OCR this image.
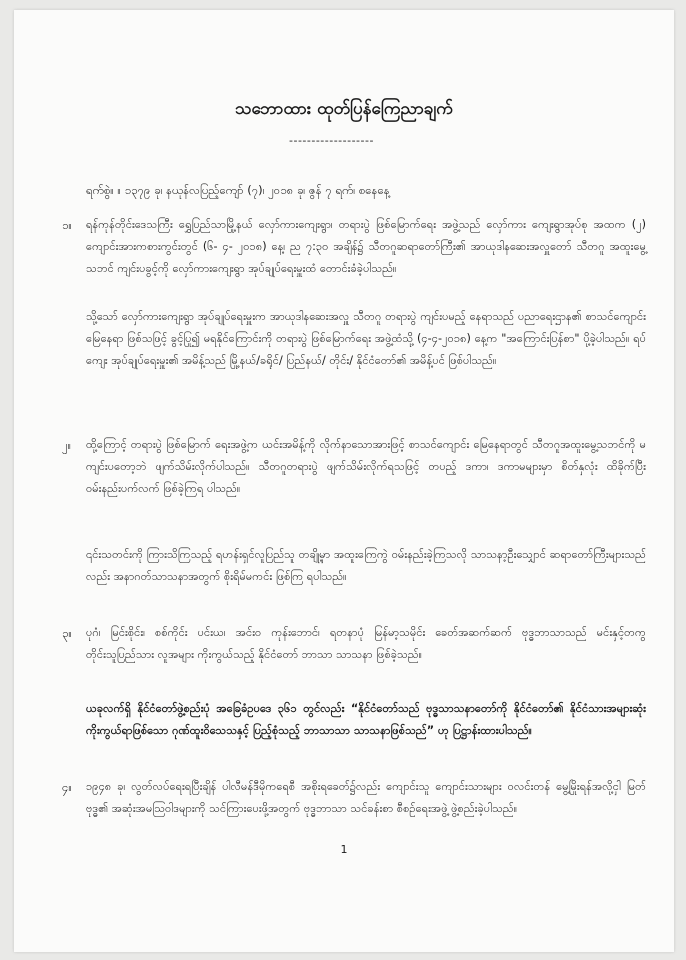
သဘောထား ထုတ်ပြန်ကြေညာချက်
-------------------
ရက်စွဲ။ ။ ၁၃၇၉ ခု၊ နယုန်လပြည့်ကျော် (၇)၊ ၂၀၁၈ ခု၊ ဇွန် ၇ ရက်၊ စနေနေ့
၁။	ရန်ကုန်တိုင်းဒေသကြီး ရွှေပြည်သာမြို့နယ် လှော်ကားကျေးရွာ၊ တရားပွဲ ဖြစ်မြောက်ရေး အဖွဲ့သည် လှော်ကား ကျေးရွာအုပ်စု အထက (၂) ကျောင်းအားကစားကွင်းတွင် (၆- ၄- ၂၀၁၈) နေ့၊ ည ၇:၃၀ အချိန်၌ သီတဂူဆရာတော်ကြီး၏ အာယုဒါနဆေးအလှူတော် သီတဂူ အထူးမွေ့သဘင် ကျင်းပခွင့်ကို လှော်ကားကျေးရွာ အုပ်ချုပ်ရေးမှူးထံ တောင်းခံခဲ့ပါသည်။
သို့သော် လှော်ကားကျေးရွာ အုပ်ချုပ်ရေးမှူးက အာယုဒါနဆေးအလှူ သီတဂူ တရားပွဲ ကျင်းပမည့် နေရာသည် ပညာရေးဌာန၏ စာသင်ကျောင်း မြေနေရာ ဖြစ်သဖြင့် ခွင့်ပြု၍ မရနိုင်ကြောင်းကို တရားပွဲ ဖြစ်မြောက်ရေး အဖွဲ့ထံသို့ (၄-၄-၂၀၁၈) နေ့က "အကြောင်းပြန်စာ" ပို့ခဲ့ပါသည်။ ရပ်ကျေး အုပ်ချုပ်ရေးမှူး၏ အမိန့်သည် မြို့နယ်/ခရိုင်/ ပြည်နယ်/ တိုင်း/ နိုင်ငံတော်၏ အမိန့်ပင် ဖြစ်ပါသည်။
၂။	ထို့ကြောင့် တရားပွဲ ဖြစ်မြောက် ရေးအဖွဲ့က ယင်းအမိန့်ကို လိုက်နာသောအားဖြင့် စာသင်ကျောင်း မြေနေရာတွင် သီတဂူအထူးမွေ့သဘင်ကို မကျင်းပတော့ဘဲ ဖျက်သိမ်းလိုက်ပါသည်။ သီတဂူတရားပွဲ ဖျက်သိမ်းလိုက်ရသဖြင့် တပည့် ဒကာ၊ ဒကာမများမှာ စိတ်နှလုံး ထိခိုက်ပြီး ဝမ်းနည်းပက်လက် ဖြစ်ခဲ့ကြရ ပါသည်။
၎င်းသတင်းကို ကြားသိကြသည့် ရဟန်းရှင်လူပြည်သူ တချို့မှာ အထူးကြေကွဲ ဝမ်းနည်းခဲ့ကြသလို သာသနာ့ဦးသျှောင် ဆရာတော်ကြီးများသည်လည်း အနာဂတ်သာသနာအတွက် စိုးရိမ်မကင်း ဖြစ်ကြ ရပါသည်။
၃။	ပုဂံ၊ မြင်းစိုင်း၊ စစ်ကိုင်း ပင်းယ၊ အင်းဝ ကုန်းဘောင်၊ ရတနာပုံ မြန်မာ့သမိုင်း ခေတ်အဆက်ဆက် ဗုဒ္ဓဘာသာသည် မင်းနှင့်တကွ တိုင်းသူပြည်သား လူအများ ကိုးကွယ်သည့် နိုင်ငံတော် ဘာသာ သာသနာ ဖြစ်ခဲ့သည်။
ယခုလက်ရှိ နိုင်ငံတော်ဖွဲ့စည်းပုံ အခြေခံဥပဒေ ၃၆၁ တွင်လည်း “နိုင်ငံတော်သည် ဗုဒ္ဓသာသနာတော်ကို နိုင်ငံတော်၏ နိုင်ငံသားအများဆုံး ကိုးကွယ်ရာဖြစ်သော ဂုဏ်ထူးဝိသေသနှင့် ပြည့်စုံသည့် ဘာသာသာ သာသနာဖြစ်သည်” ဟု ပြဋ္ဌာန်းထားပါသည်။
၄။	၁၉၄၈ ခု၊ လွတ်လပ်ရေးရပြီးချိန် ပါလီမန်ဒီမိုကရေစီ အစိုးရခေတ်၌လည်း ကျောင်းသူ ကျောင်းသားများ ဝလင်းတန် မွေ့မြိုးရန်အလို့ငှါ မြတ်ဗုဒ္ဓ၏ အဆုံးအမသြဝါဒများကို သင်ကြားပေးဖို့အတွက် ဗုဒ္ဓဘာသာ သင်ခန်းစာ စီစဉ်ရေးအဖွဲ့ ဖွဲ့စည်းခဲ့ပါသည်။
1
